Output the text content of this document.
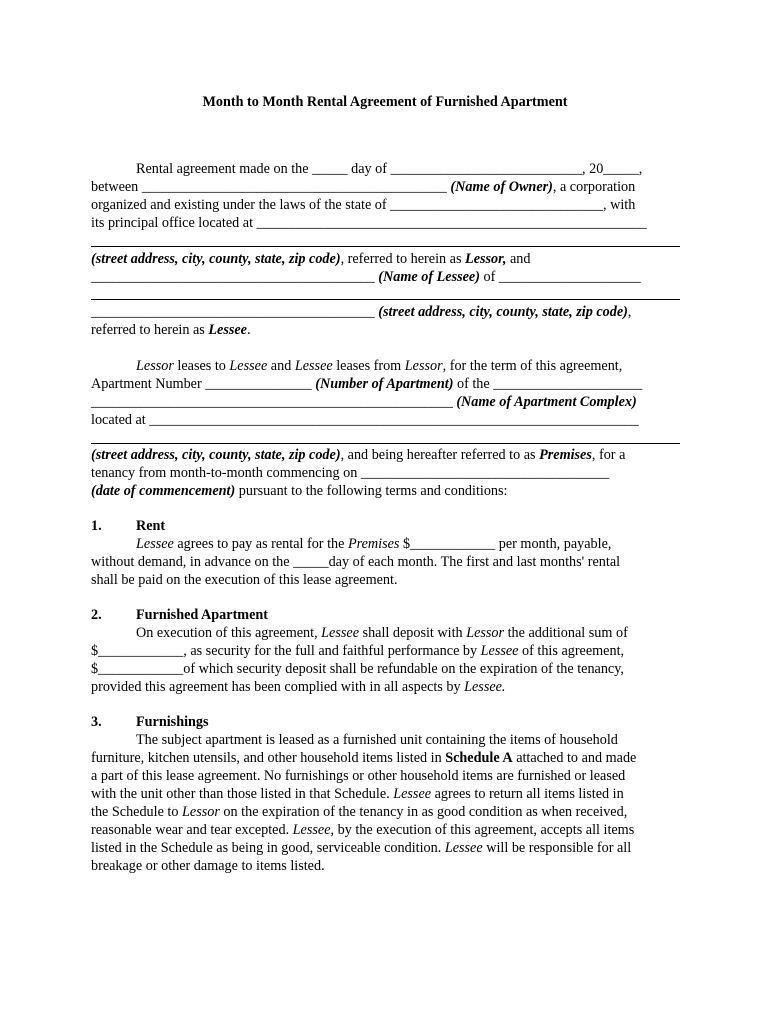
Month to Month Rental Agreement of Furnished Apartment
Rental agreement made on the _____ day of ___________________________, 20_____,
between ___________________________________________ (Name of Owner), a corporation
organized and existing under the laws of the state of ______________________________, with
its principal office located at _______________________________________________________
(street address, city, county, state, zip code), referred to herein as Lessor, and
________________________________________ (Name of Lessee) of ____________________
________________________________________ (street address, city, county, state, zip code),
referred to herein as Lessee.
Lessor leases to Lessee and Lessee leases from Lessor, for the term of this agreement,
Apartment Number _______________ (Number of Apartment) of the _____________________
___________________________________________________ (Name of Apartment Complex)
located at _____________________________________________________________________
(street address, city, county, state, zip code), and being hereafter referred to as Premises, for a
tenancy from month-to-month commencing on ___________________________________
(date of commencement) pursuant to the following terms and conditions:
1. Rent
Lessee agrees to pay as rental for the Premises $____________ per month, payable,
without demand, in advance on the _____day of each month. The first and last months' rental
shall be paid on the execution of this lease agreement.
2. Furnished Apartment
On execution of this agreement, Lessee shall deposit with Lessor the additional sum of
$____________, as security for the full and faithful performance by Lessee of this agreement,
$____________of which security deposit shall be refundable on the expiration of the tenancy,
provided this agreement has been complied with in all aspects by Lessee.
3. Furnishings
The subject apartment is leased as a furnished unit containing the items of household
furniture, kitchen utensils, and other household items listed in Schedule A attached to and made
a part of this lease agreement. No furnishings or other household items are furnished or leased
with the unit other than those listed in that Schedule. Lessee agrees to return all items listed in
the Schedule to Lessor on the expiration of the tenancy in as good condition as when received,
reasonable wear and tear excepted. Lessee, by the execution of this agreement, accepts all items
listed in the Schedule as being in good, serviceable condition. Lessee will be responsible for all
breakage or other damage to items listed.
